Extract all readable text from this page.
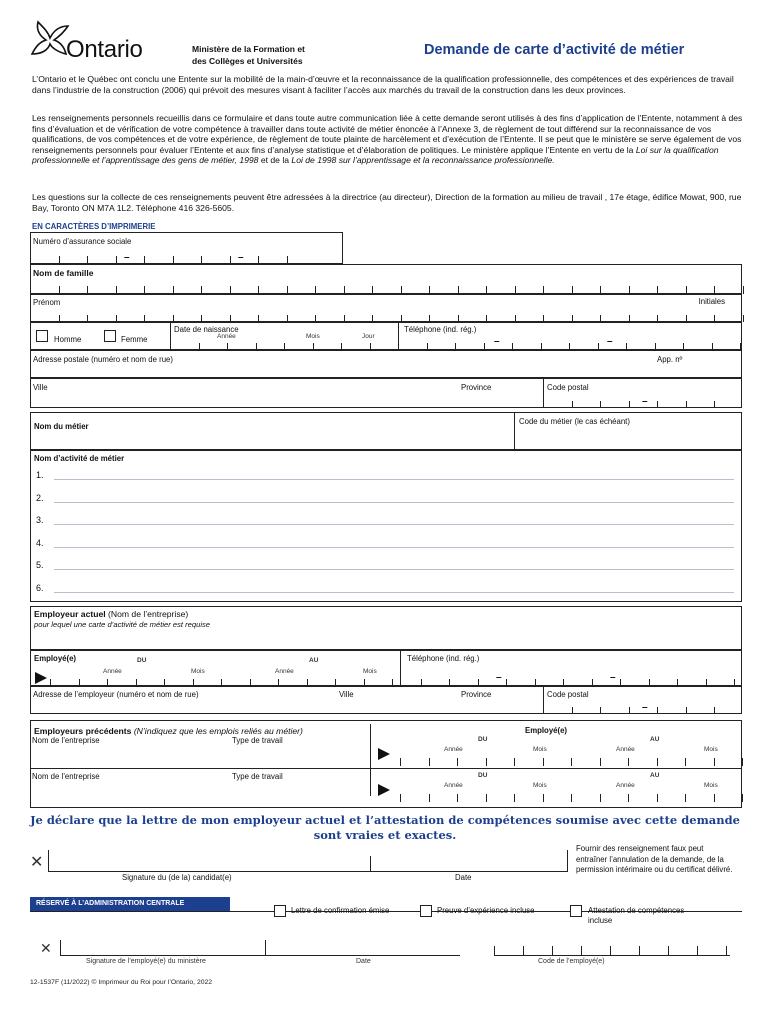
Ontario	Ministère de la Formation et
des Collèges et Universités
Demande de carte d’activité de métier
L’Ontario et le Québec ont conclu une Entente sur la mobilité de la main-d’œuvre et la reconnaissance de la qualification professionnelle, des compétences et des expériences de travail dans l’industrie de la construction (2006) qui prévoit des mesures visant à faciliter l’accès aux marchés du travail de la construction dans les deux provinces.
Les renseignements personnels recueillis dans ce formulaire et dans toute autre communication liée à cette demande seront utilisés à des fins d’application de l’Entente, notamment à des fins d’évaluation et de vérification de votre compétence à travailler dans toute activité de métier énoncée à l’Annexe 3, de règlement de tout différend sur la reconnaissance de vos qualifications, de vos compétences et de votre expérience, de règlement de toute plainte de harcèlement et d’exécution de l’Entente. Il se peut que le ministère se serve également de vos renseignements personnels pour évaluer l’Entente et aux fins d’analyse statistique et d’élaboration de politiques. Le ministère applique l’Entente en vertu de la Loi sur la qualification professionnelle et l’apprentissage des gens de métier, 1998 et de la Loi de 1998 sur l’apprentissage et la reconnaissance professionnelle.
Les questions sur la collecte de ces renseignements peuvent être adressées à la directrice (au directeur), Direction de la formation au milieu de travail , 17e étage, édifice Mowat, 900, rue Bay, Toronto ON M7A 1L2. Téléphone 416 326-5605.
EN CARACTÈRES D’IMPRIMERIE
Numéro d’assurance sociale
–	–
Nom de famille
Prénom	Initiales
Homme	Femme
Date de naissance
Année	Mois	Jour
Téléphone (ind. rég.)
–	–
Adresse postale (numéro et nom de rue)	App. nº
Ville	Province	Code postal
–
Nom du métier
Code du métier (le cas échéant)
Nom d’activité de métier
1.
2.
3.
4.
5.
6.
Employeur actuel (Nom de l’entreprise)
pour lequel une carte d’activité de métier est requise
Employé(e)	DU	AU
Année	Mois	Année	Mois
Téléphone (ind. rég.)
–	–
Adresse de l’employeur (numéro et nom de rue)	Ville	Province	Code postal
–
Employeurs précédents (N’indiquez que les emplois reliés au métier)	Employé(e)
Nom de l’entreprise	Type de travail	DU	AU
Année	Mois	Année	Mois
Nom de l’entreprise	Type de travail	DU	AU
Année	Mois	Année	Mois
Je déclare que la lettre de mon employeur actuel et l’attestation de compétences soumise avec cette demande
sont vraies et exactes.
✕
Signature du (de la) candidat(e)	Date
Fournir des renseignement faux peut entraîner l’annulation de la demande, de la permission intérimaire ou du certificat délivré.
RÉSERVÉ À L’ADMINISTRATION CENTRALE
Lettre de confirmation émise	Preuve d’expérience incluse	Attestation de compétences incluse
✕
Signature de l’employé(e) du ministère	Date	Code de l’employé(e)
12-1537F (11/2022) © Imprimeur du Roi pour l’Ontario, 2022
